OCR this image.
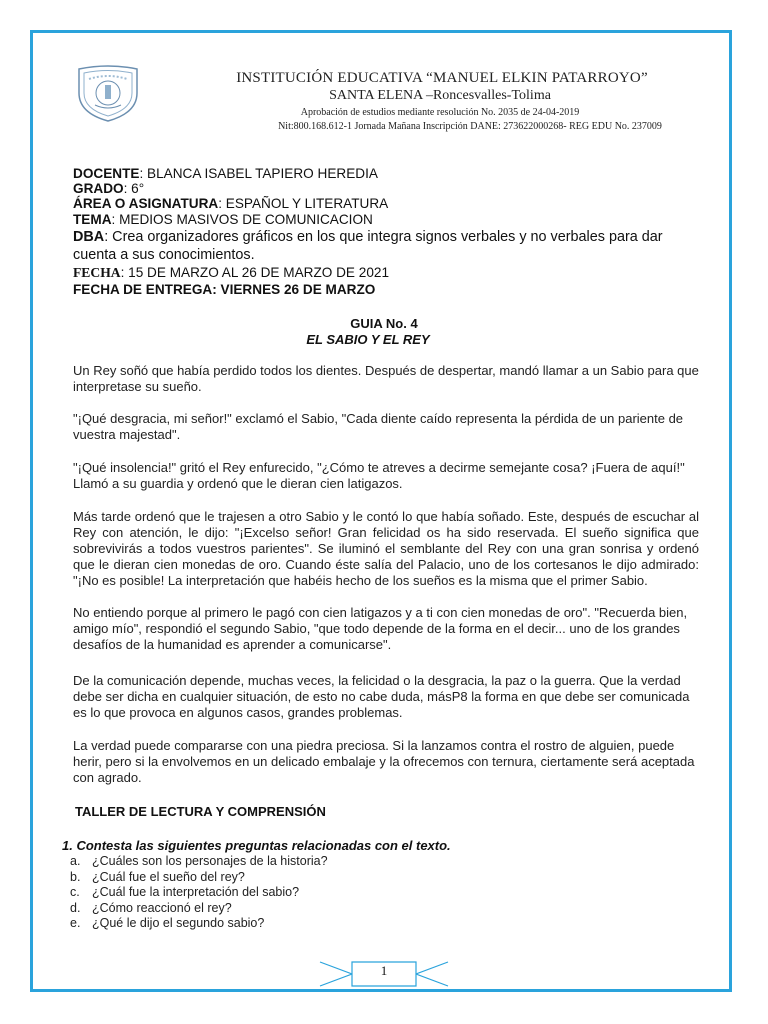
INSTITUCIÓN EDUCATIVA “MANUEL ELKIN PATARROYO”
SANTA ELENA –Roncesvalles-Tolima
Aprobación de estudios mediante resolución No. 2035 de 24-04-2019
Nit:800.168.612-1 Jornada Mañana Inscripción DANE: 273622000268- REG EDU No. 237009
DOCENTE: BLANCA ISABEL TAPIERO HEREDIA
GRADO: 6°
ÁREA O ASIGNATURA: ESPAÑOL Y LITERATURA
TEMA: MEDIOS MASIVOS DE COMUNICACION
DBA: Crea organizadores gráficos en los que integra signos verbales y no verbales para dar
cuenta a sus conocimientos.
FECHA: 15 DE MARZO AL 26 DE MARZO DE 2021
FECHA DE ENTREGA: VIERNES 26 DE MARZO
GUIA No. 4
EL SABIO Y EL REY

Un Rey soñó que había perdido todos los dientes. Después de despertar, mandó llamar a un Sabio para que interpretase su sueño.

"¡Qué desgracia, mi señor!" exclamó el Sabio, "Cada diente caído representa la pérdida de un pariente de vuestra majestad".

"¡Qué insolencia!" gritó el Rey enfurecido, "¿Cómo te atreves a decirme semejante cosa? ¡Fuera de aquí!" Llamó a su guardia y ordenó que le dieran cien latigazos.

Más tarde ordenó que le trajesen a otro Sabio y le contó lo que había soñado. Este, después de escuchar al Rey con atención, le dijo: "¡Excelso señor! Gran felicidad os ha sido reservada. El sueño significa que sobrevivirás a todos vuestros parientes". Se iluminó el semblante del Rey con una gran sonrisa y ordenó que le dieran cien monedas de oro. Cuando éste salía del Palacio, uno de los cortesanos le dijo admirado: "¡No es posible! La interpretación que habéis hecho de los sueños es la misma que el primer Sabio.

No entiendo porque al primero le pagó con cien latigazos y a ti con cien monedas de oro". "Recuerda bien, amigo mío", respondió el segundo Sabio, "que todo depende de la forma en el decir... uno de los grandes desafíos de la humanidad es aprender a comunicarse".

De la comunicación depende, muchas veces, la felicidad o la desgracia, la paz o la guerra. Que la verdad debe ser dicha en cualquier situación, de esto no cabe duda, másP8 la forma en que debe ser comunicada es lo que provoca en algunos casos, grandes problemas.

La verdad puede compararse con una piedra preciosa. Si la lanzamos contra el rostro de alguien, puede herir, pero si la envolvemos en un delicado embalaje y la ofrecemos con ternura, ciertamente será aceptada con agrado.

TALLER DE LECTURA Y COMPRENSIÓN
1. Contesta las siguientes preguntas relacionadas con el texto.
a. ¿Cuáles son los personajes de la historia?
b. ¿Cuál fue el sueño del rey?
c. ¿Cuál fue la interpretación del sabio?
d. ¿Cómo reaccionó el rey?
e. ¿Qué le dijo el segundo sabio?
1
